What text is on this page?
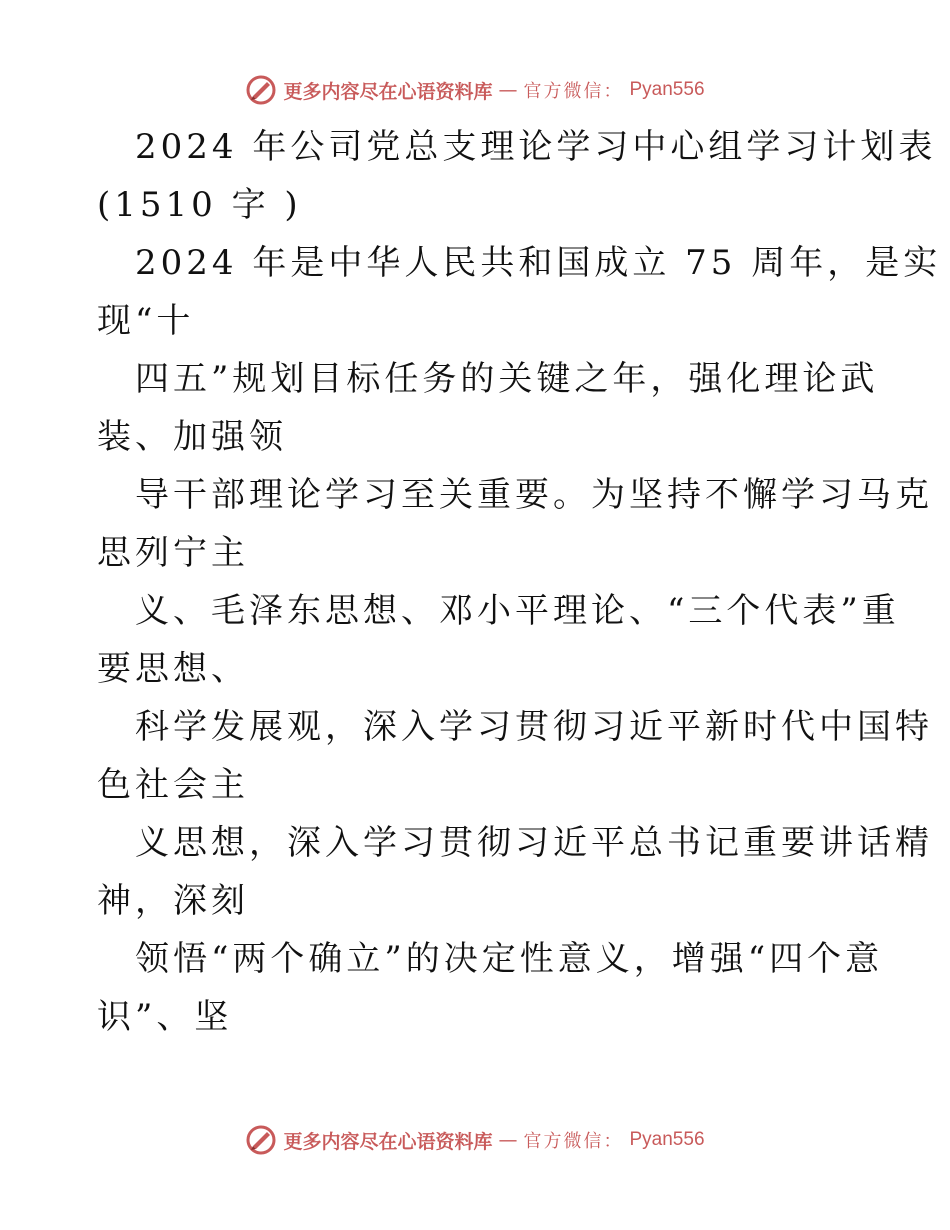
更多内容尽在心语资料库 — 官方微信： Pyan556
2024 年公司党总支理论学习中心组学习计划表
(1510 字 )
2024 年是中华人民共和国成立 75 周年，是实
现“十
四五”规划目标任务的关键之年，强化理论武
装、加强领
导干部理论学习至关重要。为坚持不懈学习马克
思列宁主
义、毛泽东思想、邓小平理论、“三个代表”重
要思想、
科学发展观，深入学习贯彻习近平新时代中国特
色社会主
义思想，深入学习贯彻习近平总书记重要讲话精
神，深刻
领悟“两个确立”的决定性意义，增强“四个意
识”、坚
更多内容尽在心语资料库 — 官方微信： Pyan556
